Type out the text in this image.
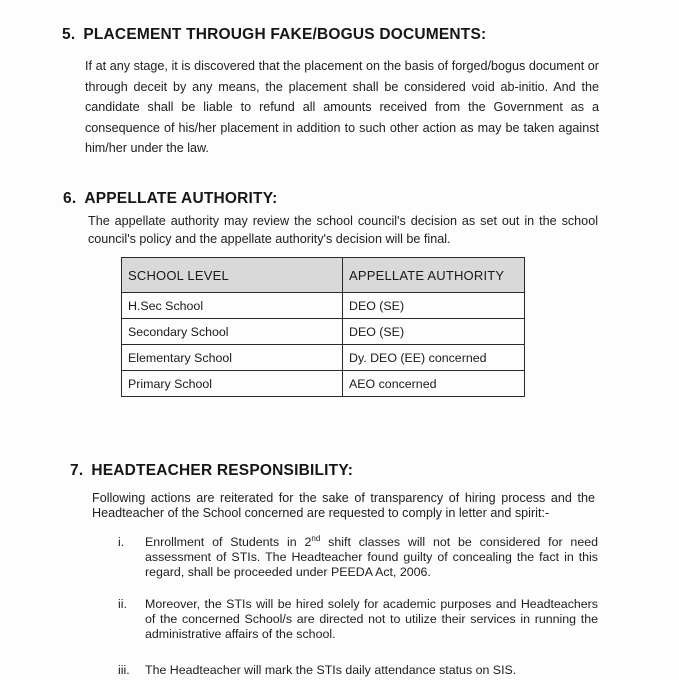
5. PLACEMENT THROUGH FAKE/BOGUS DOCUMENTS:
If at any stage, it is discovered that the placement on the basis of forged/bogus document or through deceit by any means, the placement shall be considered void ab-initio. And the candidate shall be liable to refund all amounts received from the Government as a consequence of his/her placement in addition to such other action as may be taken against him/her under the law.
6. APPELLATE AUTHORITY:
The appellate authority may review the school council's decision as set out in the school council's policy and the appellate authority's decision will be final.
SCHOOL LEVEL	APPELLATE AUTHORITY
H.Sec School	DEO (SE)
Secondary School	DEO (SE)
Elementary School	Dy. DEO (EE) concerned
Primary School	AEO concerned
7. HEADTEACHER RESPONSIBILITY:
Following actions are reiterated for the sake of transparency of hiring process and the Headteacher of the School concerned are requested to comply in letter and spirit:-
i. Enrollment of Students in 2nd shift classes will not be considered for need assessment of STIs. The Headteacher found guilty of concealing the fact in this regard, shall be proceeded under PEEDA Act, 2006.
ii. Moreover, the STIs will be hired solely for academic purposes and Headteachers of the concerned School/s are directed not to utilize their services in running the administrative affairs of the school.
iii. The Headteacher will mark the STIs daily attendance status on SIS.
